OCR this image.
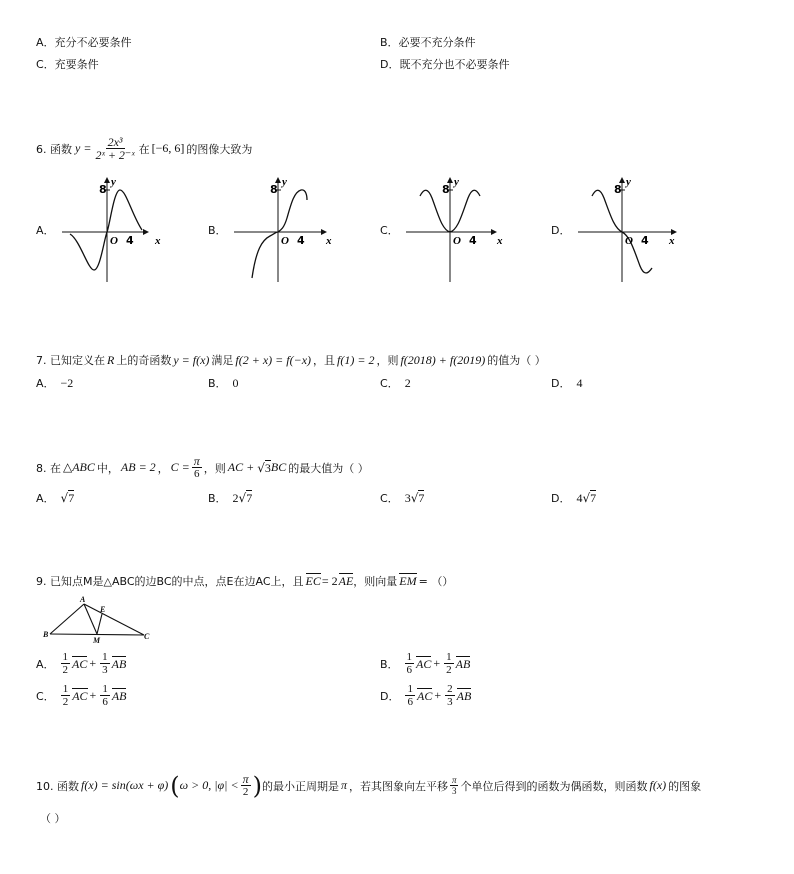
A．充分不必要条件	B．必要不充分条件
C．充要条件	D．既不充分也不必要条件
6. 函数 $y = \frac{\text{2x³}}{\text{2ˣ + 2⁻ˣ}}$ 在 [−6, 6] 的图像大致为
A．	B．	C．	D．
8
y
O 4 x
8
y
O 4 x
8
y
O 4 x
8
y
O 4 x
7. 已知定义在 R 上的奇函数 y = f(x) 满足 f(2 + x) = f(−x) ，且 f(1) = 2 ，则 f(2018) + f(2019) 的值为（ ）
A． −2	B． 0	C． 2	D． 4
8. 在 △ABC 中， AB = 2 ， $C = \frac{\pi}{6}$ ，则 AC + √ 3 BC 的最大值为（ ）
A． √7	B． 2√7	C． 3√7	D． 4√7
9. 已知点M是△ABC的边BC的中点，点E在边AC上，且 EC = 2 AE ，则向量 EM = （）
A
B	C
E
M
A． $\frac{1}{2}$ AC + $\frac{1}{3}$ AB	B． $\frac{1}{6}$ AC + $\frac{1}{2}$ AB
C． $\frac{1}{2}$ AC + $\frac{1}{6}$ AB	D． $\frac{1}{6}$ AC + $\frac{2}{3}$ AB
10. 函数 f(x) = sin(ωx + φ) ( ω > 0, $|\varphi| < \frac{\pi}{2}$ ) 的最小正周期是 π ，若其图象向左平移 $\frac{\pi}{3}$ 个单位后得到的函数为偶函数，则函数 f(x) 的图象
（ ）
